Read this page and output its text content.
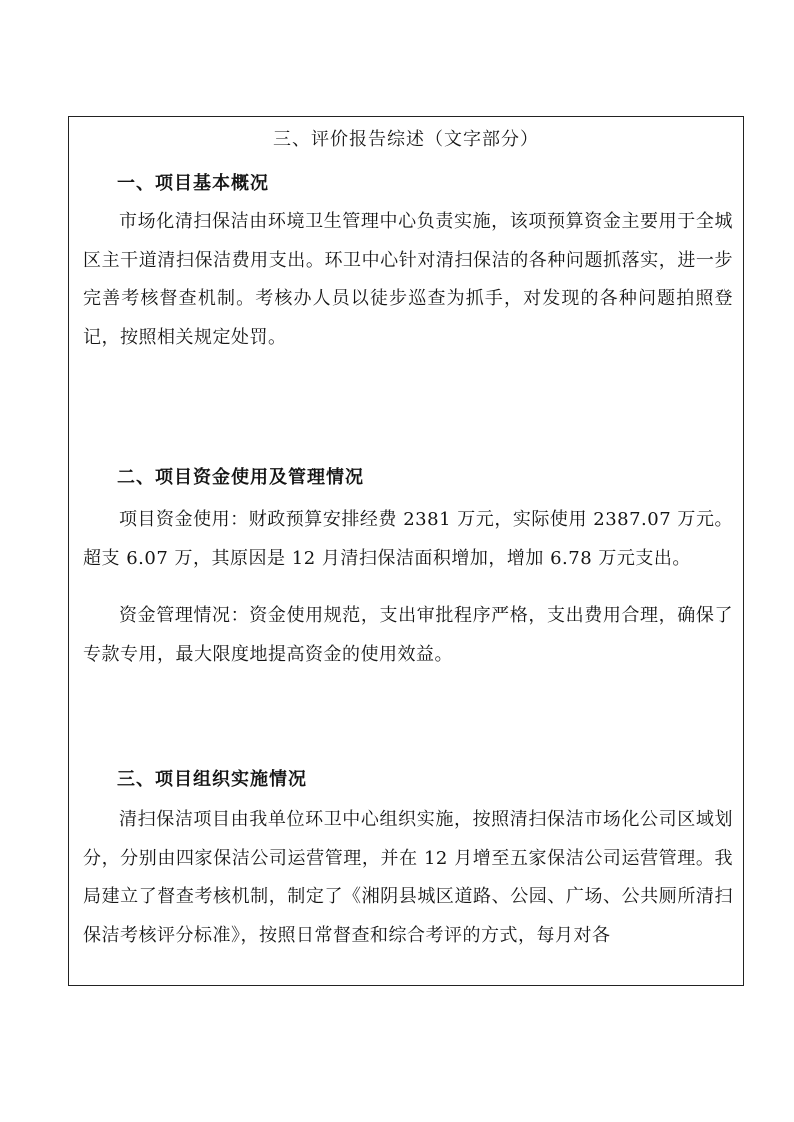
三、评价报告综述（文字部分）
一、项目基本概况
市场化清扫保洁由环境卫生管理中心负责实施，该项预算资金主要用于全城区主干道清扫保洁费用支出。环卫中心针对清扫保洁的各种问题抓落实，进一步完善考核督查机制。考核办人员以徒步巡查为抓手，对发现的各种问题拍照登记，按照相关规定处罚。
二、项目资金使用及管理情况
项目资金使用：财政预算安排经费 2381 万元，实际使用 2387.07 万元。超支 6.07 万，其原因是 12 月清扫保洁面积增加，增加 6.78 万元支出。
资金管理情况：资金使用规范，支出审批程序严格，支出费用合理，确保了专款专用，最大限度地提高资金的使用效益。
三、项目组织实施情况
清扫保洁项目由我单位环卫中心组织实施，按照清扫保洁市场化公司区域划分，分别由四家保洁公司运营管理，并在 12 月增至五家保洁公司运营管理。我局建立了督查考核机制，制定了《湘阴县城区道路、公园、广场、公共厕所清扫保洁考核评分标准》，按照日常督查和综合考评的方式，每月对各
